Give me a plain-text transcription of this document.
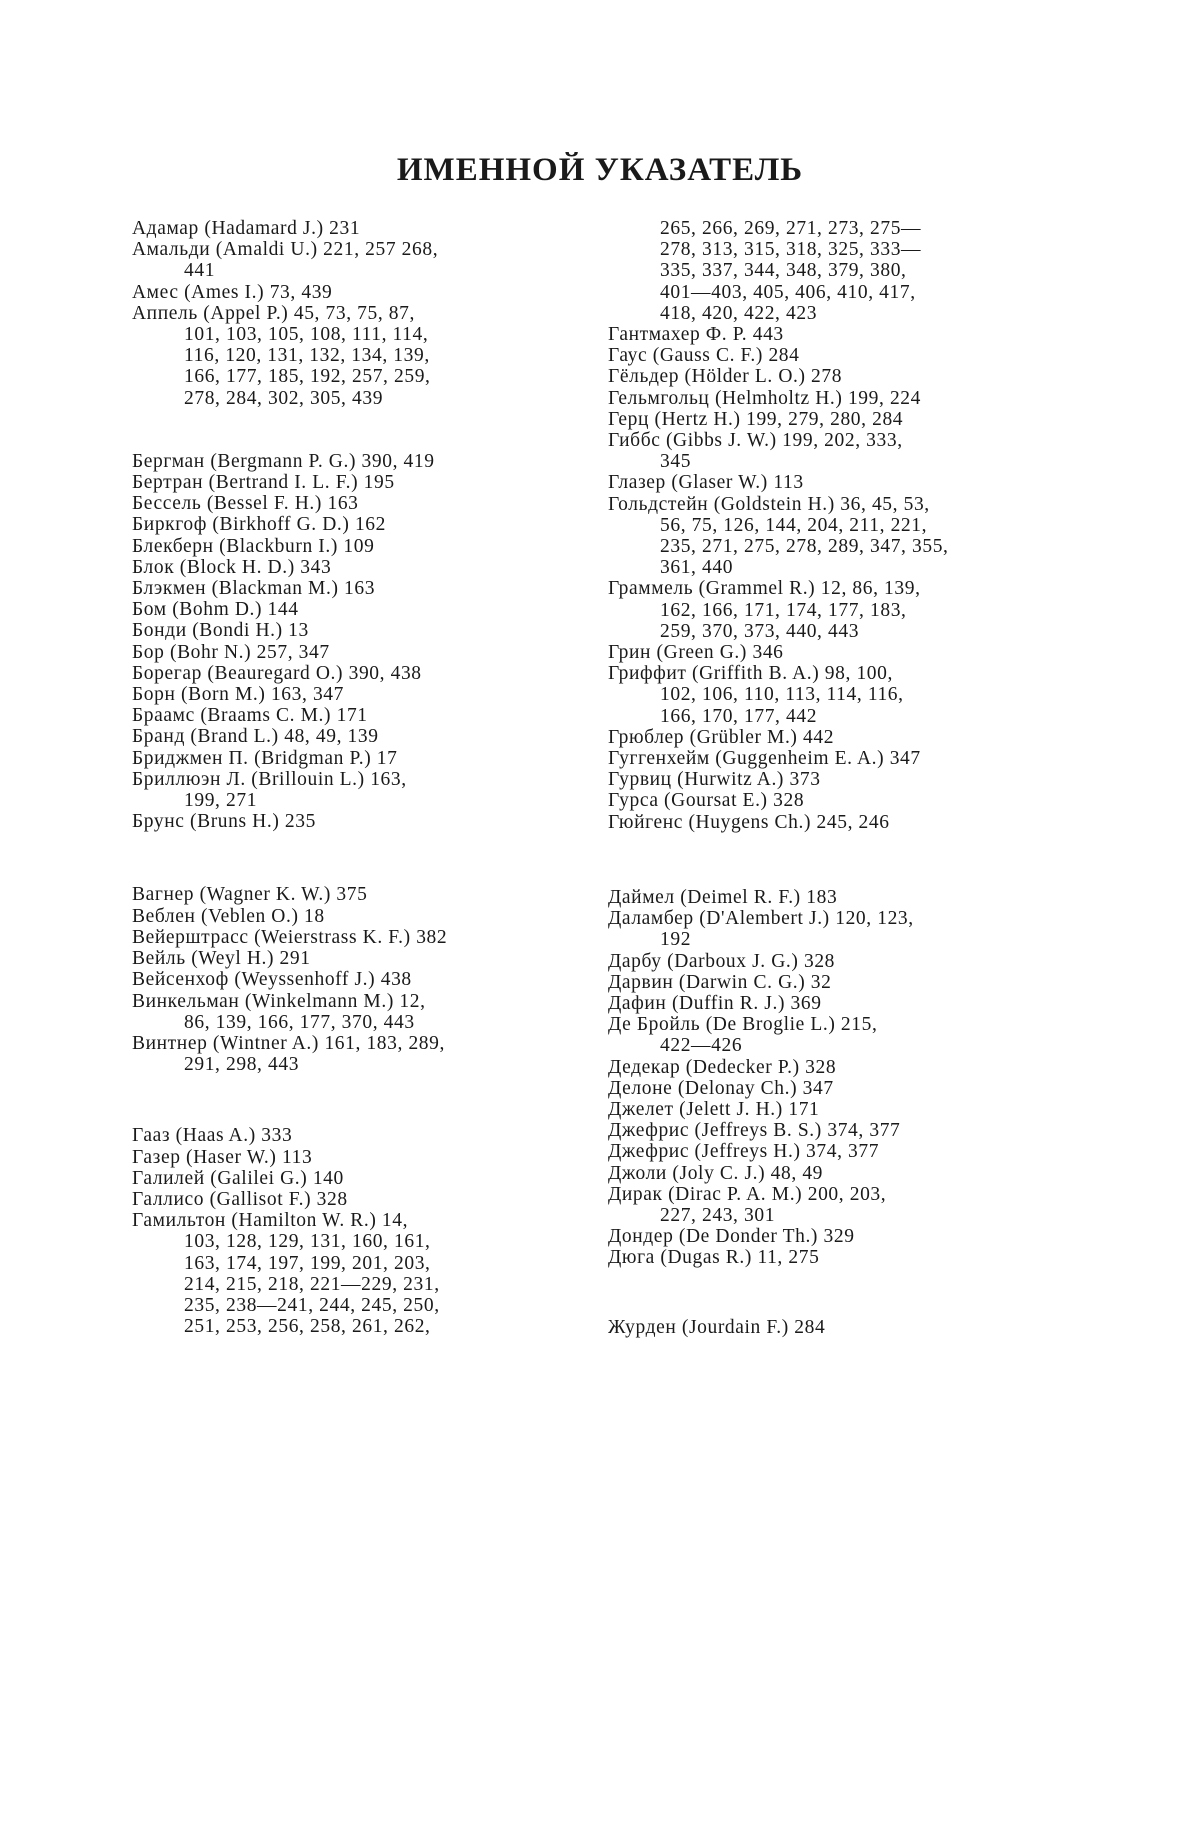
ИМЕННОЙ УКАЗАТЕЛЬ
Адамар (Hadamard J.) 231
Амальди (Amaldi U.) 221, 257 268,
441
Амес (Ames I.) 73, 439
Аппель (Appel P.) 45, 73, 75, 87,
101, 103, 105, 108, 111, 114,
116, 120, 131, 132, 134, 139,
166, 177, 185, 192, 257, 259,
278, 284, 302, 305, 439
Бергман (Bergmann P. G.) 390, 419
Бертран (Bertrand I. L. F.) 195
Бессель (Bessel F. H.) 163
Биркгоф (Birkhoff G. D.) 162
Блекберн (Blackburn I.) 109
Блок (Block H. D.) 343
Блэкмен (Blackman M.) 163
Бом (Bohm D.) 144
Бонди (Bondi H.) 13
Бор (Bohr N.) 257, 347
Борегар (Beauregard O.) 390, 438
Борн (Born M.) 163, 347
Браамс (Braams C. M.) 171
Бранд (Brand L.) 48, 49, 139
Бриджмен П. (Bridgman P.) 17
Бриллюэн Л. (Brillouin L.) 163,
199, 271
Брунс (Bruns H.) 235
Вагнер (Wagner K. W.) 375
Веблен (Veblen O.) 18
Вейерштрасс (Weierstrass K. F.) 382
Вейль (Weyl H.) 291
Вейсенхоф (Weyssenhoff J.) 438
Винкельман (Winkelmann M.) 12,
86, 139, 166, 177, 370, 443
Винтнер (Wintner A.) 161, 183, 289,
291, 298, 443
Гааз (Haas A.) 333
Газер (Haser W.) 113
Галилей (Galilei G.) 140
Галлисо (Gallisot F.) 328
Гамильтон (Hamilton W. R.) 14,
103, 128, 129, 131, 160, 161,
163, 174, 197, 199, 201, 203,
214, 215, 218, 221—229, 231,
235, 238—241, 244, 245, 250,
251, 253, 256, 258, 261, 262,
265, 266, 269, 271, 273, 275—
278, 313, 315, 318, 325, 333—
335, 337, 344, 348, 379, 380,
401—403, 405, 406, 410, 417,
418, 420, 422, 423
Гантмахер Ф. Р. 443
Гаус (Gauss C. F.) 284
Гёльдер (Hölder L. O.) 278
Гельмгольц (Helmholtz H.) 199, 224
Герц (Hertz H.) 199, 279, 280, 284
Гиббс (Gibbs J. W.) 199, 202, 333,
345
Глазер (Glaser W.) 113
Гольдстейн (Goldstein H.) 36, 45, 53,
56, 75, 126, 144, 204, 211, 221,
235, 271, 275, 278, 289, 347, 355,
361, 440
Граммель (Grammel R.) 12, 86, 139,
162, 166, 171, 174, 177, 183,
259, 370, 373, 440, 443
Грин (Green G.) 346
Гриффит (Griffith B. A.) 98, 100,
102, 106, 110, 113, 114, 116,
166, 170, 177, 442
Грюблер (Grübler M.) 442
Гуггенхейм (Guggenheim E. A.) 347
Гурвиц (Hurwitz A.) 373
Гурса (Goursat E.) 328
Гюйгенс (Huygens Ch.) 245, 246
Даймел (Deimel R. F.) 183
Даламбер (D'Alembert J.) 120, 123,
192
Дарбу (Darboux J. G.) 328
Дарвин (Darwin C. G.) 32
Дафин (Duffin R. J.) 369
Де Бройль (De Broglie L.) 215,
422—426
Дедекар (Dedecker P.) 328
Делоне (Delonay Ch.) 347
Джелет (Jelett J. H.) 171
Джефрис (Jeffreys B. S.) 374, 377
Джефрис (Jeffreys H.) 374, 377
Джоли (Joly C. J.) 48, 49
Дирак (Dirac P. A. M.) 200, 203,
227, 243, 301
Дондер (De Donder Th.) 329
Дюга (Dugas R.) 11, 275
Журден (Jourdain F.) 284
